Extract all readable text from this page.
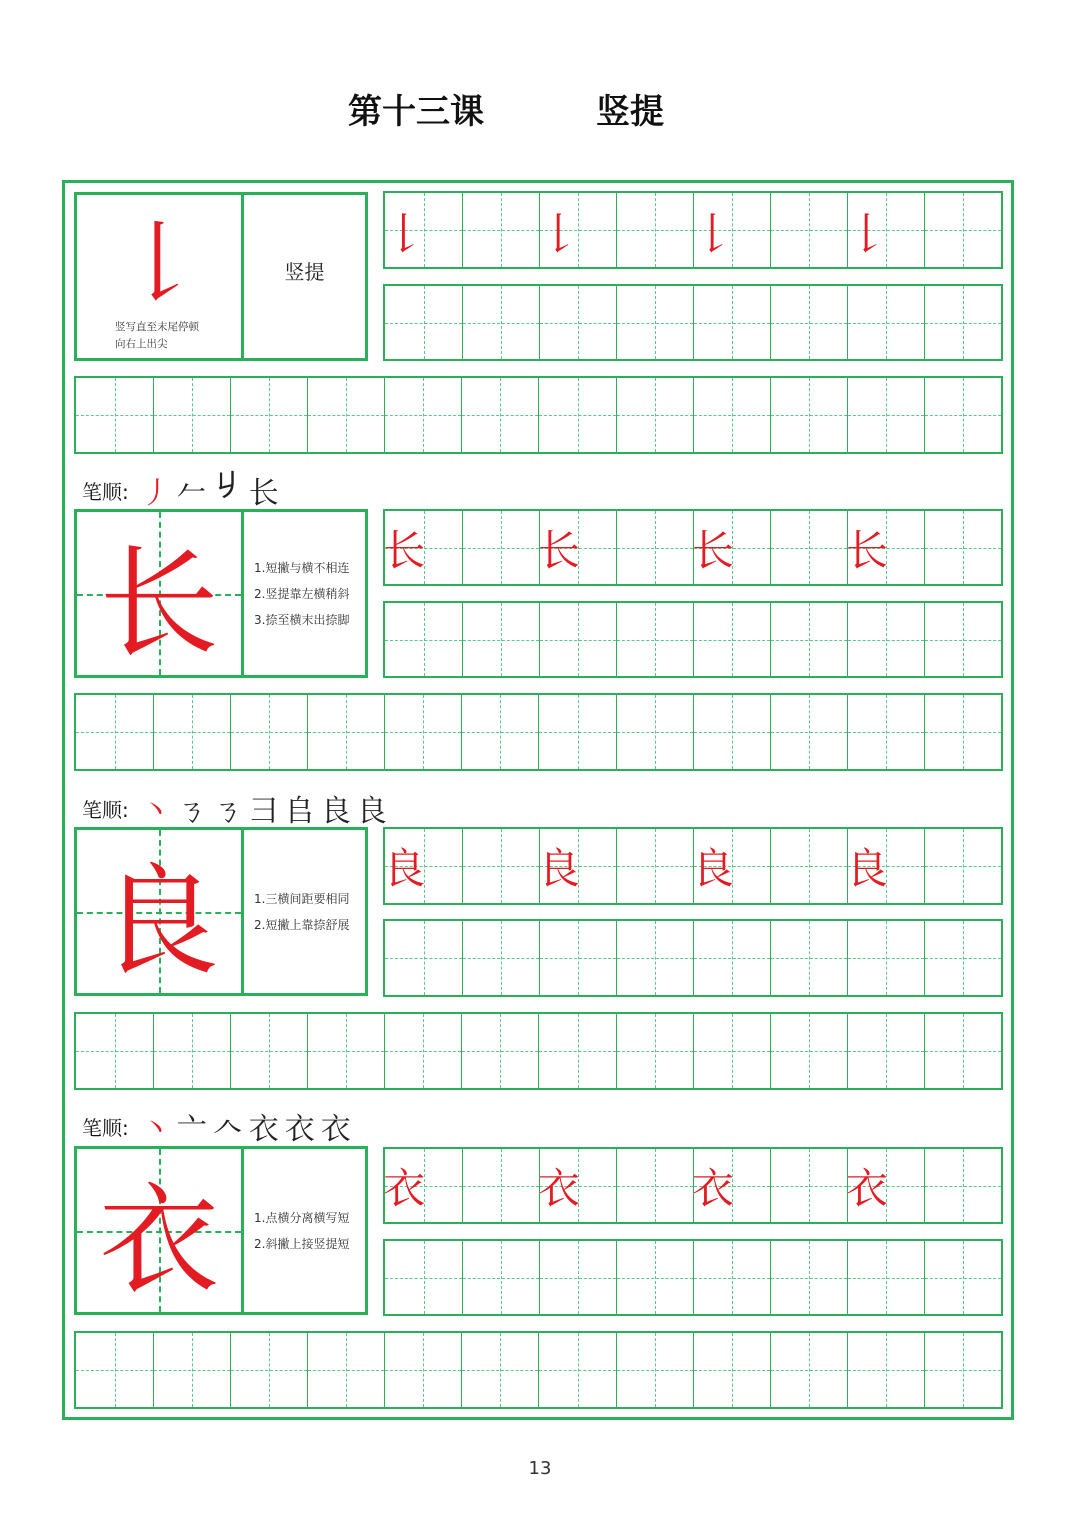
第十三课	竖提
𠄌
竖写直至末尾停顿
向右上出尖
竖提
𠄌	𠄌	𠄌	𠄌
笔顺: 丿 𠂉 𠂈 长
长	1.短撇与横不相连
2.竖提靠左横稍斜
3.捺至横末出捺脚
长	长	长	长
笔顺: 丶 ㄋ ㄋ 彐 𠂤 良 良
良	1.三横间距要相同
2.短撇上靠捺舒展
良	良	良	良
笔顺: 丶 亠 𠆢 衣 衣 衣
衣	1.点横分离横写短
2.斜撇上接竖提短
衣	衣	衣	衣
13
